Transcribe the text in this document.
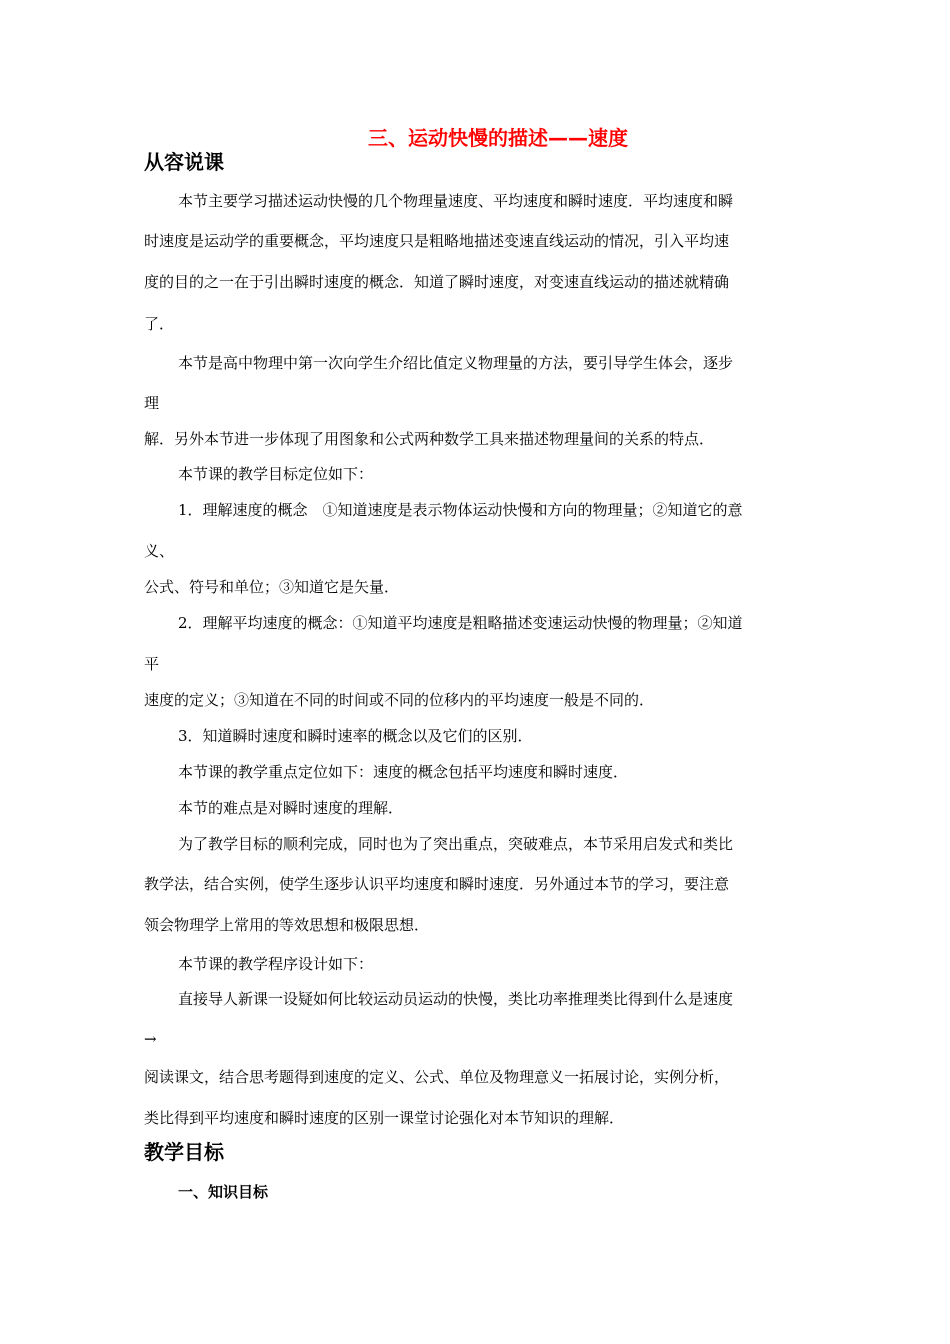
三、运动快慢的描述——速度
从容说课
本节主要学习描述运动快慢的几个物理量速度、平均速度和瞬时速度．平均速度和瞬
时速度是运动学的重要概念，平均速度只是粗略地描述变速直线运动的情况，引入平均速
度的目的之一在于引出瞬时速度的概念．知道了瞬时速度，对变速直线运动的描述就精确
了．
本节是高中物理中第一次向学生介绍比值定义物理量的方法，要引导学生体会，逐步
理
解．另外本节进一步体现了用图象和公式两种数学工具来描述物理量间的关系的特点．
本节课的教学目标定位如下：
1．理解速度的概念　①知道速度是表示物体运动快慢和方向的物理量；②知道它的意
义、
公式、符号和单位；③知道它是矢量．
2．理解平均速度的概念：①知道平均速度是粗略描述变速运动快慢的物理量；②知道
平
速度的定义；③知道在不同的时间或不同的位移内的平均速度一般是不同的．
3．知道瞬时速度和瞬时速率的概念以及它们的区别．
本节课的教学重点定位如下：速度的概念包括平均速度和瞬时速度．
本节的难点是对瞬时速度的理解．
为了教学目标的顺利完成，同时也为了突出重点，突破难点，本节采用启发式和类比
教学法，结合实例，使学生逐步认识平均速度和瞬时速度．另外通过本节的学习，要注意
领会物理学上常用的等效思想和极限思想．
本节课的教学程序设计如下：
直接导人新课一设疑如何比较运动员运动的快慢，类比功率推理类比得到什么是速度
→
阅读课文，结合思考题得到速度的定义、公式、单位及物理意义一拓展讨论，实例分析，
类比得到平均速度和瞬时速度的区别一课堂讨论强化对本节知识的理解．
教学目标
一、知识目标
